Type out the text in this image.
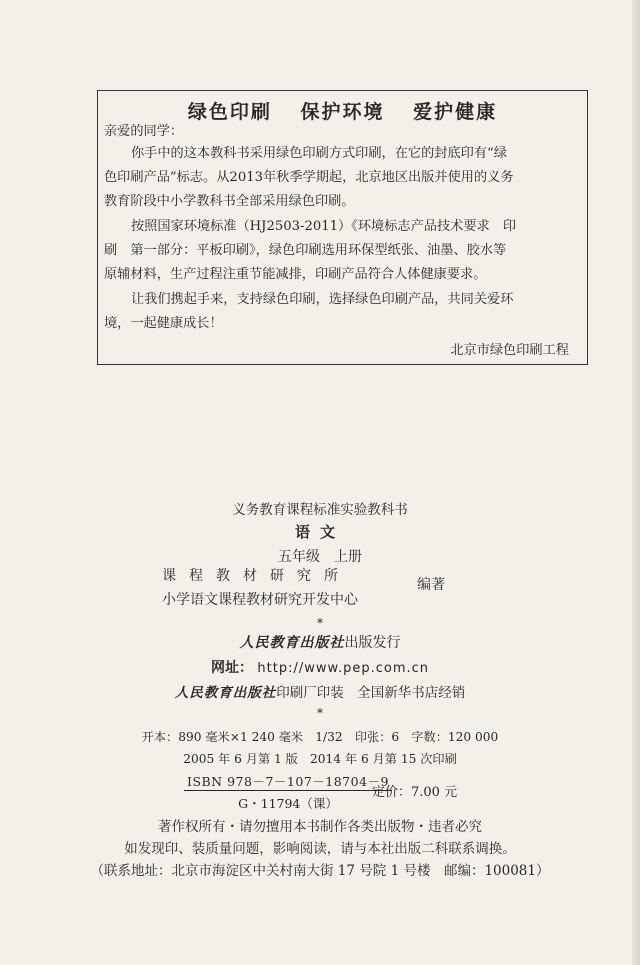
绿色印刷 保护环境 爱护健康
亲爱的同学：
你手中的这本教科书采用绿色印刷方式印刷，在它的封底印有“绿
色印刷产品”标志。从2013年秋季学期起，北京地区出版并使用的义务
教育阶段中小学教科书全部采用绿色印刷。
按照国家环境标准（HJ2503-2011）《环境标志产品技术要求　印
刷　第一部分：平板印刷》，绿色印刷选用环保型纸张、油墨、胶水等
原辅材料，生产过程注重节能减排，印刷产品符合人体健康要求。
让我们携起手来，支持绿色印刷，选择绿色印刷产品，共同关爱环
境，一起健康成长！
北京市绿色印刷工程
义务教育课程标准实验教科书
语文
五年级　上册
课程教材研究所
小学语文课程教材研究开发中心
编著
*
人民教育出版社出版发行
网址： http://www.pep.com.cn
人民教育出版社印刷厂印装　全国新华书店经销
*
开本：890 毫米×1 240 毫米　1/32　印张：6　字数：120 000
2005 年 6 月第 1 版　2014 年 6 月第 15 次印刷
ISBN 978－7－107－18704－9
G・11794（课）
定价：7.00 元
著作权所有・请勿擅用本书制作各类出版物・违者必究
如发现印、装质量问题，影响阅读，请与本社出版二科联系调换。
（联系地址：北京市海淀区中关村南大街 17 号院 1 号楼　邮编：100081）
